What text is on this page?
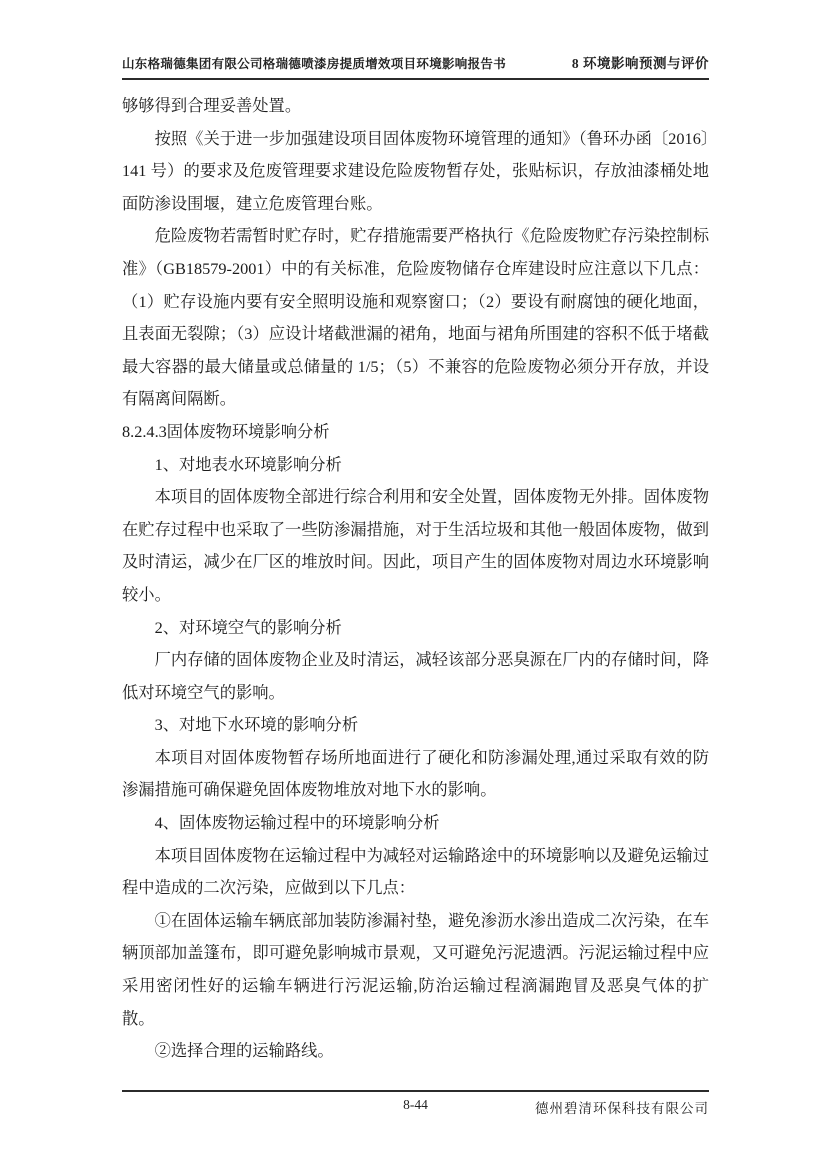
山东格瑞德集团有限公司格瑞德喷漆房提质增效项目环境影响报告书	8 环境影响预测与评价

够够得到合理妥善处置。

按照《关于进一步加强建设项目固体废物环境管理的通知》（鲁环办函〔2016〕141 号）的要求及危废管理要求建设危险废物暂存处，张贴标识，存放油漆桶处地面防渗设围堰，建立危废管理台账。

危险废物若需暂时贮存时，贮存措施需要严格执行《危险废物贮存污染控制标准》（GB18579-2001）中的有关标准，危险废物储存仓库建设时应注意以下几点：（1）贮存设施内要有安全照明设施和观察窗口；（2）要设有耐腐蚀的硬化地面，且表面无裂隙；（3）应设计堵截泄漏的裙角，地面与裙角所围建的容积不低于堵截最大容器的最大储量或总储量的 1/5；（5）不兼容的危险废物必须分开存放，并设有隔离间隔断。

8.2.4.3固体废物环境影响分析

1、对地表水环境影响分析

本项目的固体废物全部进行综合利用和安全处置，固体废物无外排。固体废物在贮存过程中也采取了一些防渗漏措施，对于生活垃圾和其他一般固体废物，做到及时清运，减少在厂区的堆放时间。因此，项目产生的固体废物对周边水环境影响较小。

2、对环境空气的影响分析

厂内存储的固体废物企业及时清运，减轻该部分恶臭源在厂内的存储时间，降低对环境空气的影响。

3、对地下水环境的影响分析

本项目对固体废物暂存场所地面进行了硬化和防渗漏处理,通过采取有效的防渗漏措施可确保避免固体废物堆放对地下水的影响。

4、固体废物运输过程中的环境影响分析

本项目固体废物在运输过程中为减轻对运输路途中的环境影响以及避免运输过程中造成的二次污染，应做到以下几点：

①在固体运输车辆底部加装防渗漏衬垫，避免渗沥水渗出造成二次污染，在车辆顶部加盖篷布，即可避免影响城市景观，又可避免污泥遗洒。污泥运输过程中应采用密闭性好的运输车辆进行污泥运输,防治运输过程滴漏跑冒及恶臭气体的扩散。

②选择合理的运输路线。

8-44	德州碧清环保科技有限公司
